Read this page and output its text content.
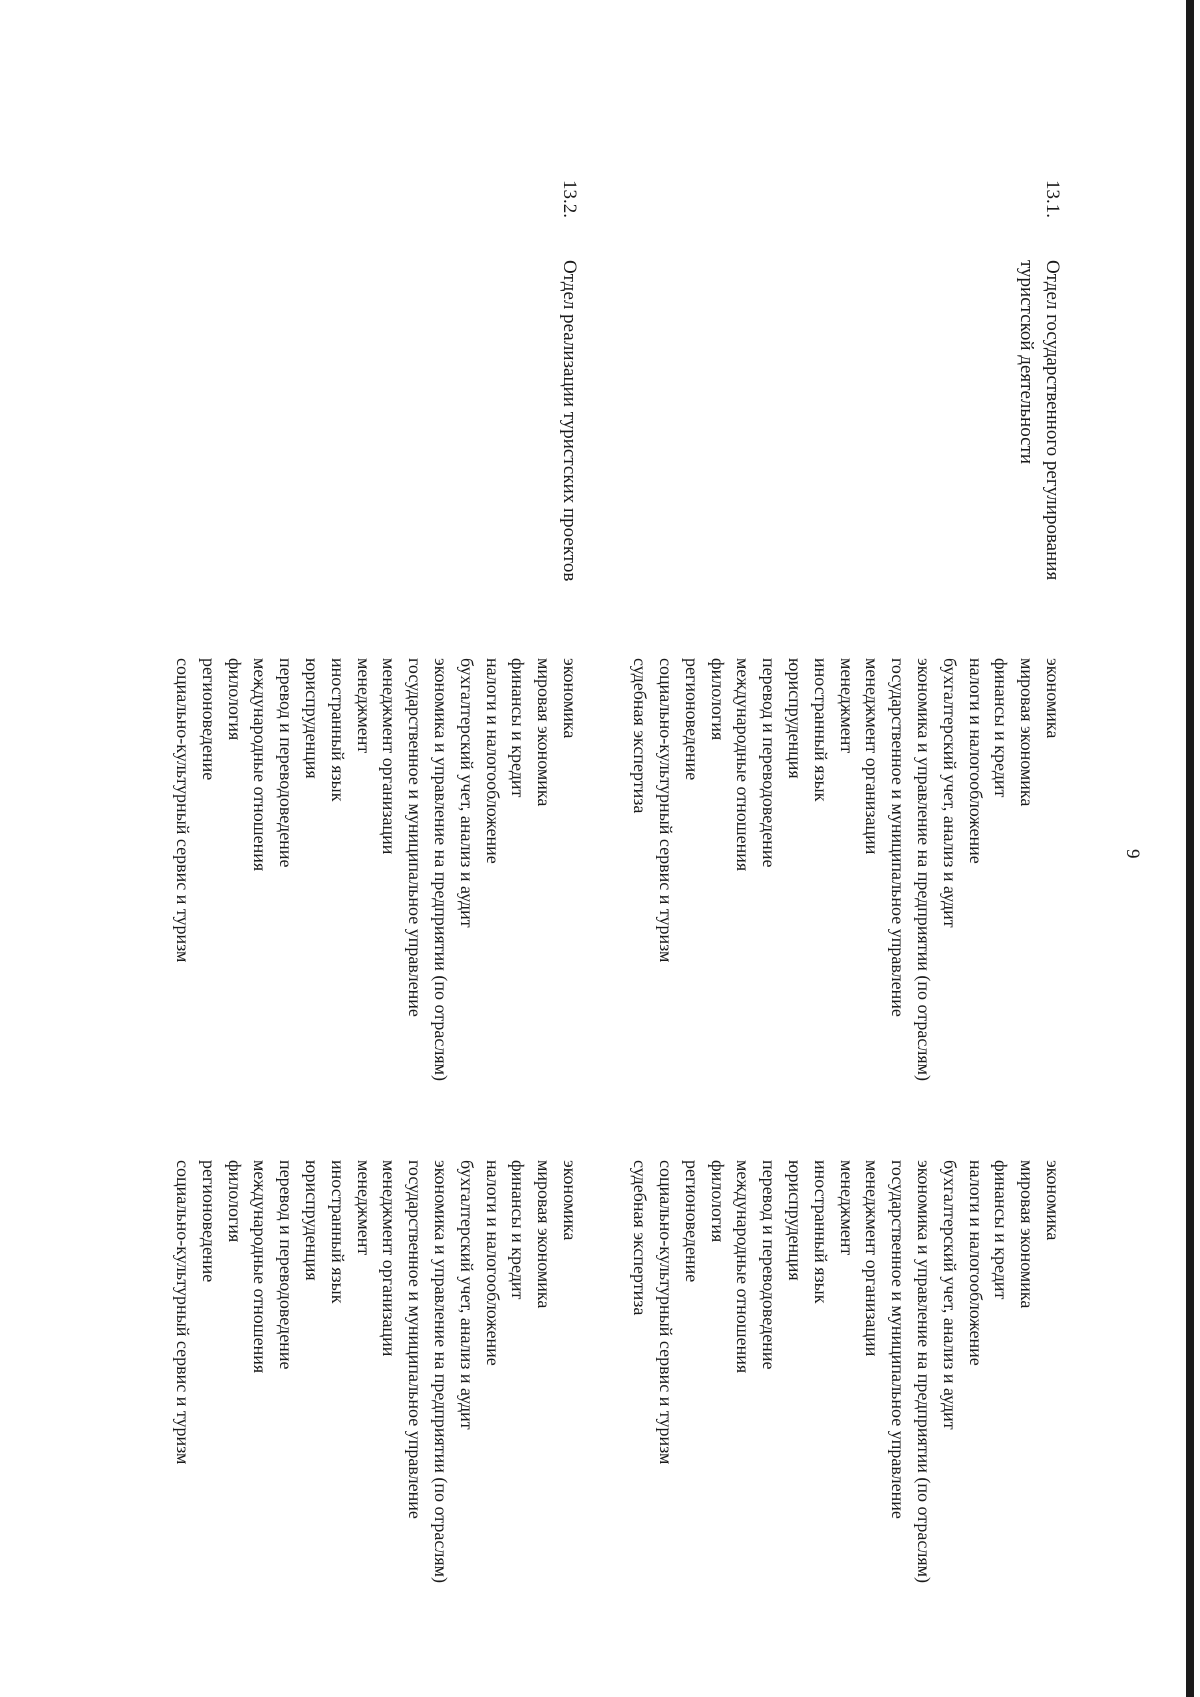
9
13.1.
Отдел государственного регулирования туристской деятельности
экономика
мировая экономика
финансы и кредит
налоги и налогообложение
бухгалтерский учет, анализ и аудит
экономика и управление на предприятии (по отраслям)
государственное и муниципальное управление
менеджмент организации
менеджмент
иностранный язык
юриспруденция
перевод и переводоведение
международные отношения
филология
регионоведение
социально-культурный сервис и туризм
судебная экспертиза
экономика
мировая экономика
финансы и кредит
налоги и налогообложение
бухгалтерский учет, анализ и аудит
экономика и управление на предприятии (по отраслям)
государственное и муниципальное управление
менеджмент организации
менеджмент
иностранный язык
юриспруденция
перевод и переводоведение
международные отношения
филология
регионоведение
социально-культурный сервис и туризм
судебная экспертиза
13.2.
Отдел реализации туристских проектов
экономика
мировая экономика
финансы и кредит
налоги и налогообложение
бухгалтерский учет, анализ и аудит
экономика и управление на предприятии (по отраслям)
государственное и муниципальное управление
менеджмент организации
менеджмент
иностранный язык
юриспруденция
перевод и переводоведение
международные отношения
филология
регионоведение
социально-культурный сервис и туризм
экономика
мировая экономика
финансы и кредит
налоги и налогообложение
бухгалтерский учет, анализ и аудит
экономика и управление на предприятии (по отраслям)
государственное и муниципальное управление
менеджмент организации
менеджмент
иностранный язык
юриспруденция
перевод и переводоведение
международные отношения
филология
регионоведение
социально-культурный сервис и туризм
